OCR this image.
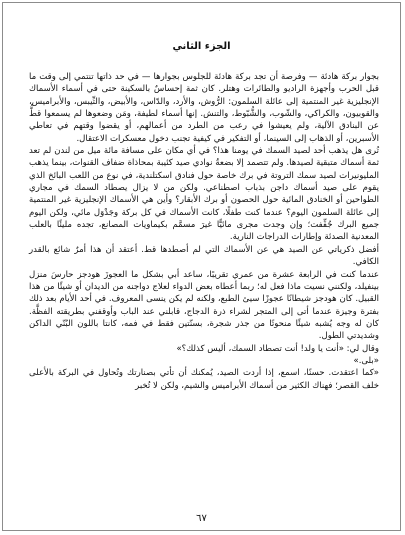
الجزء الثاني

بجوار بركة هادئة — وفرصة أن تجد بركة هادئة للجلوس بجوارها — في حد ذاتها تنتمي إلى وقت ما قبل الحرب وأجهزة الراديو والطائرات وهتلر. كان ثمة إحساسٌ بالسكينة حتى في أسماء الأسماك الإنجليزية غير المنتمية إلى عائلة السلمون: الرُّوش، والأرد، والدّاس، والأبيض، والتِّيبس، والأبراميس، والقوبيون، والكراكي، والشّوب، والشُّبّوط، والتنش. إنها أسماء لطيفة، ومَن وضعوها لم يسمعوا قطُّ عن البنادق الآلية، ولم يعيشوا في رعب من الطرد من أعمالهم، أو يقضوا وقتهم في تعاطي الأسبرين، أو الذهاب إلى السينما، أو التفكير في كيفية تجنب دخول معسكرات الاعتقال.

تُرى هل يذهب أحد لصيد السمك في يومنا هذا؟ في أي مكان على مسافة مائة ميل من لندن لم تعد ثمة أسماك متبقية لصيدها. ولم تتصمد إلا بضعةُ نوادي صيد كئيبة بمحاذاة ضفاف القنوات، بينما يذهب المليونيرات لصيد سمك التروتة في برك خاصة حول فنادق اسكتلندية، في نوع من اللعب البائخ الذي يقوم على صيد أسماك داجن بذباب اصطناعي. ولكن من لا يزال يصطاد السمك في مجاري الطواحين أو الخنادق المائية حول الحصون أو برك الأبقار؟ وأين هي الأسماك الإنجليزية غير المنتمية إلى عائلة السلمون اليوم؟ عندما كنت طفلًا، كانت الأسماك في كل بركة وجَدْوَل مائي، ولكن اليوم جميع البرك جُفِّفت؛ وإن وجدت مجرى مائيًّا غيرَ مسمَّم بكيماويات المصانع، تجده مليئًا بالعلب المعدنية الصدئة وإطارات الدراجات النارية.

أفضل ذكرياتي عن الصيد هي عن الأسماك التي لم أصطدها قط. أعتقد أن هذا أمرٌ شائع بالقدر الكافي.

عندما كنت في الرابعة عشرة من عمري تقريبًا، ساعد أبي بشكل ما العجوزَ هودجز حارسَ منزل بينفيلد، ولكنني نسيت ماذا فعل له؛ ربما أعطاه بعض الدواء لعلاج دواجنه من الديدان أو شيئًا من هذا القبيل. كان هودجز شيطانًا عجوزًا سيئ الطبع، ولكنه لم يكن ينسى المعروف. في أحد الأيام بعد ذلك بفترة وجيزة عندما أتى إلى المتجر لشراء ذرة الدجاج، قابلني عند الباب وأوقفني بطريقته الفظَّة. كان له وجه يُشبه شيئًا منحوتًا من جذر شجرة، بسنّتين فقط في فمه، كانتا باللون البُنّي الداكن وشديدتي الطول.

وقال لي: «أنت يا ولد! أنت تصطاد السمك، أليس كذلك؟»

«بلى.»

«كما اعتقدت. حسنًا، اسمع، إذا أردت الصيد، يُمكنك أن تأتي بصنارتك وتُحاول في البركة بالأعلى خلف القصر؛ فهناك الكثير من أسماك الأبراميس والشيم، ولكن لا تُخبر

٦٧
